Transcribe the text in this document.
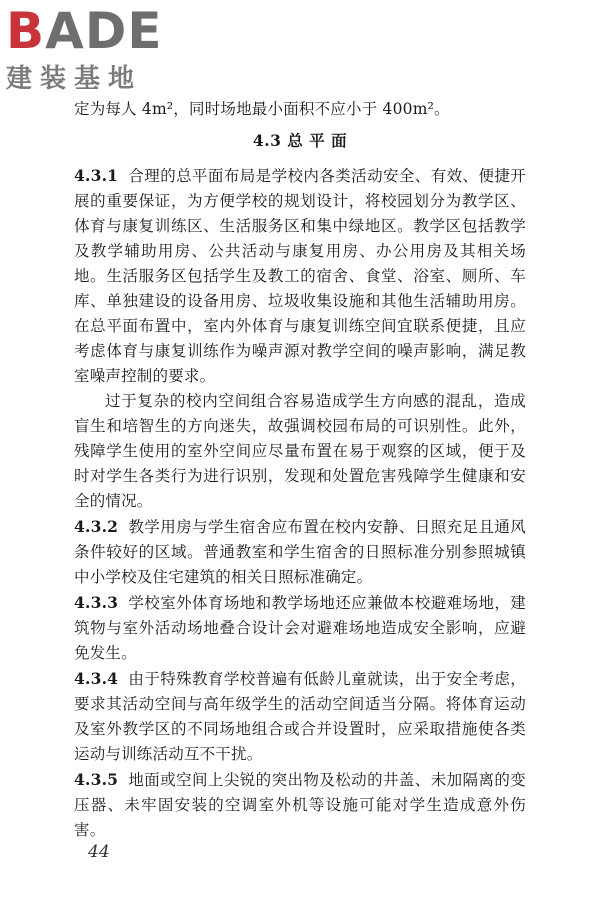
BADE
建装基地

定为每人 4m²，同时场地最小面积不应小于 400m²。

4.3 总 平 面

4.3.1 合理的总平面布局是学校内各类活动安全、有效、便捷开展的重要保证，为方便学校的规划设计，将校园划分为教学区、体育与康复训练区、生活服务区和集中绿地区。教学区包括教学及教学辅助用房、公共活动与康复用房、办公用房及其相关场地。生活服务区包括学生及教工的宿舍、食堂、浴室、厕所、车库、单独建设的设备用房、垃圾收集设施和其他生活辅助用房。在总平面布置中，室内外体育与康复训练空间宜联系便捷，且应考虑体育与康复训练作为噪声源对教学空间的噪声影响，满足教室噪声控制的要求。

过于复杂的校内空间组合容易造成学生方向感的混乱，造成盲生和培智生的方向迷失，故强调校园布局的可识别性。此外，残障学生使用的室外空间应尽量布置在易于观察的区域，便于及时对学生各类行为进行识别，发现和处置危害残障学生健康和安全的情况。

4.3.2 教学用房与学生宿舍应布置在校内安静、日照充足且通风条件较好的区域。普通教室和学生宿舍的日照标准分别参照城镇中小学校及住宅建筑的相关日照标准确定。

4.3.3 学校室外体育场地和教学场地还应兼做本校避难场地，建筑物与室外活动场地叠合设计会对避难场地造成安全影响，应避免发生。

4.3.4 由于特殊教育学校普遍有低龄儿童就读，出于安全考虑，要求其活动空间与高年级学生的活动空间适当分隔。将体育运动及室外教学区的不同场地组合或合并设置时，应采取措施使各类运动与训练活动互不干扰。

4.3.5 地面或空间上尖锐的突出物及松动的井盖、未加隔离的变压器、未牢固安装的空调室外机等设施可能对学生造成意外伤害。

44
